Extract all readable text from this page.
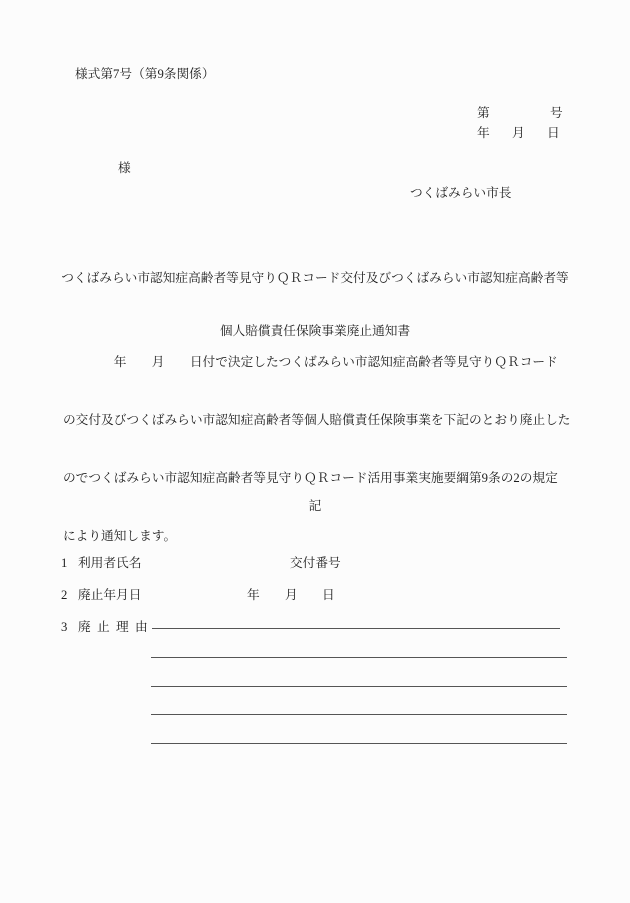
様式第7号（第9条関係）
第	号
年 月 日
様
つくばみらい市長

つくばみらい市認知症高齢者等見守りＱＲコード交付及びつくばみらい市認知症高齢者等

個人賠償責任保険事業廃止通知書

　　　　年　　月　　日付で決定したつくばみらい市認知症高齢者等見守りＱＲコード

の交付及びつくばみらい市認知症高齢者等個人賠償責任保険事業を下記のとおり廃止した

のでつくばみらい市認知症高齢者等見守りＱＲコード活用事業実施要綱第9条の2の規定

により通知します。

記
1 利用者氏名	交付番号
2 廃止年月日	年 月 日
3 廃止理由
